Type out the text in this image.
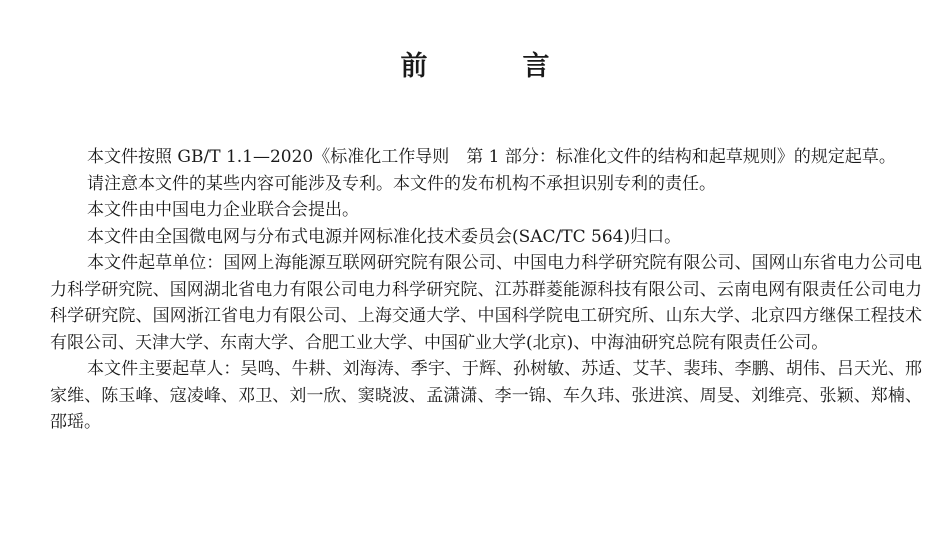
前　言

本文件按照 GB/T 1.1—2020《标准化工作导则　第 1 部分：标准化文件的结构和起草规则》的规定起草。

请注意本文件的某些内容可能涉及专利。本文件的发布机构不承担识别专利的责任。

本文件由中国电力企业联合会提出。

本文件由全国微电网与分布式电源并网标准化技术委员会(SAC/TC 564)归口。

本文件起草单位：国网上海能源互联网研究院有限公司、中国电力科学研究院有限公司、国网山东省电力公司电力科学研究院、国网湖北省电力有限公司电力科学研究院、江苏群菱能源科技有限公司、云南电网有限责任公司电力科学研究院、国网浙江省电力有限公司、上海交通大学、中国科学院电工研究所、山东大学、北京四方继保工程技术有限公司、天津大学、东南大学、合肥工业大学、中国矿业大学(北京)、中海油研究总院有限责任公司。

本文件主要起草人：吴鸣、牛耕、刘海涛、季宇、于辉、孙树敏、苏适、艾芊、裴玮、李鹏、胡伟、吕天光、邢家维、陈玉峰、寇凌峰、邓卫、刘一欣、窦晓波、孟潇潇、李一锦、车久玮、张进滨、周旻、刘维亮、张颖、郑楠、邵瑶。
